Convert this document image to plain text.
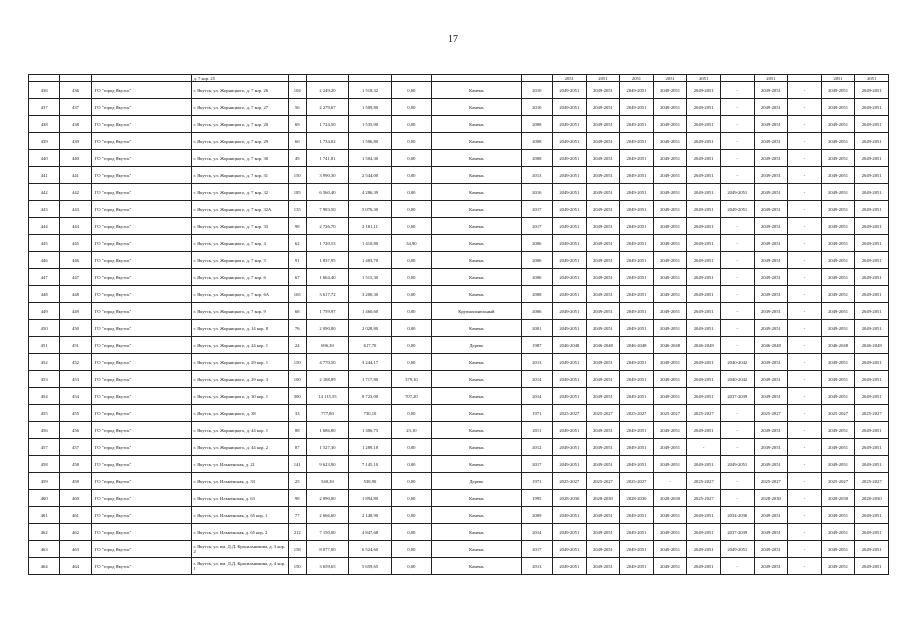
17
			д. 7 кор. 25							2051	2051	2051	2051	2051		2051		2051	2051
436	436	ГО "город Якутск"	г. Якутск, ул. Жорницкого, д. 7 кор. 26	104	2 249,20	1 518,32	0,00	Камень	2010	2049-2051	2049-2051	2049-2051	2049-2051	2049-2051	-	2049-2051	-	2049-2051	2049-2051
437	437	ГО "город Якутск"	г. Якутск, ул. Жорницкого, д. 7 кор. 27	56	2 279,67	1 509,80	0,00	Камень	2010	2049-2051	2049-2051	2049-2051	2049-2051	2049-2051	-	2049-2051	-	2049-2051	2049-2051
438	438	ГО "город Якутск"	г. Якутск, ул. Жорницкого, д. 7 кор. 28	69	1 724,50	1 535,90	0,00	Камень	2008	2049-2051	2049-2051	2049-2051	2049-2051	2049-2051	-	2049-2051	-	2049-2051	2049-2051
439	439	ГО "город Якутск"	г. Якутск, ул. Жорницкого, д. 7 кор. 29	60	1 734,02	1 506,80	0,00	Камень	2008	2049-2051	2049-2051	2049-2051	2049-2051	2049-2051	-	2049-2051	-	2049-2051	2049-2051
440	440	ГО "город Якутск"	г. Якутск, ул. Жорницкого, д. 7 кор. 30	49	1 741,81	1 504,30	0,00	Камень	2008	2049-2051	2049-2051	2049-2051	2049-2051	2049-2051	-	2049-2051	-	2049-2051	2049-2051
441	441	ГО "город Якутск"	г. Якутск, ул. Жорницкого, д. 7 кор. 31	150	3 990,30	2 544,00	0,00	Камень	2013	2049-2051	2049-2051	2049-2051	2049-2051	2049-2051	-	2049-2051	-	2049-2051	2049-2051
442	442	ГО "город Якутск"	г. Якутск, ул. Жорницкого, д. 7 кор. 32	185	6 560,40	4 286,39	0,00	Камень	2016	2049-2051	2049-2051	2049-2051	2049-2051	2049-2051	2049-2051	2049-2051	-	2049-2051	2049-2051
443	443	ГО "город Якутск"	г. Якутск, ул. Жорницкого, д. 7 кор. 32А	135	7 983,50	5 076,30	0,00	Камень	2017	2049-2051	2049-2051	2049-2051	2049-2051	2049-2051	2049-2051	2049-2051	-	2049-2051	2049-2051
444	444	ГО "город Якутск"	г. Якутск, ул. Жорницкого, д. 7 кор. 33	98	2 726,70	2 181,11	0,00	Камень	2017	2049-2051	2049-2051	2049-2051	2049-2051	2049-2051	-	2049-2051	-	2049-2051	2049-2051
445	445	ГО "город Якутск"	г. Якутск, ул. Жорницкого, д. 7 кор. 4	62	1 720,53	1 410,80	34,90	Камень	2006	2049-2051	2049-2051	2049-2051	2049-2051	2049-2051	-	2049-2051	-	2049-2051	2049-2051
446	446	ГО "город Якутск"	г. Якутск, ул. Жорницкого, д. 7 кор. 5	91	1 837,95	1 483,70	0,00	Камень	2006	2049-2051	2049-2051	2049-2051	2049-2051	2049-2051	-	2049-2051	-	2049-2051	2049-2051
447	447	ГО "город Якутск"	г. Якутск, ул. Жорницкого, д. 7 кор. 6	67	1 664,40	1 515,30	0,00	Камень	2006	2049-2051	2049-2051	2049-2051	2049-2051	2049-2051	-	2049-2051	-	2049-2051	2049-2051
448	448	ГО "город Якутск"	г. Якутск, ул. Жорницкого, д. 7 кор. 6А	165	3 617,72	3 200,30	0,00	Камень	2008	2049-2051	2049-2051	2049-2051	2049-2051	2049-2051	-	2049-2051	-	2049-2051	2049-2051
449	449	ГО "город Якутск"	г. Якутск, ул. Жорницкого, д. 7 кор. 9	68	1 759,97	1 460,60	0,00	Крупнопанельный	2006	2049-2051	2049-2051	2049-2051	2049-2051	2049-2051	-	2049-2051	-	2049-2051	2049-2051
450	450	ГО "город Якутск"	г. Якутск, ул. Жорницкого, д. 14 кор. 8	76	2 090,80	2 028,80	0,00	Камень	2001	2049-2051	2049-2051	2049-2051	2049-2051	2049-2051	-	2049-2051	-	2049-2051	2049-2051
451	451	ГО "город Якутск"	г. Якутск, ул. Жорницкого, д. 24 кор. 1	24	696,30	617,70	0,00	Дерево	1987	2046-2048	2046-2048	2046-2048	2046-2048	2046-2048	-	2046-2048	-	2046-2048	2046-2048
452	452	ГО "город Якутск"	г. Якутск, ул. Жорницкого, д. 29 кор. 1	150	4 770,50	3 244,17	0,00	Камень	2013	2049-2051	2049-2051	2049-2051	2049-2051	2049-2051	2040-2042	2049-2051	-	2049-2051	2049-2051
453	453	ГО "город Якутск"	г. Якутск, ул. Жорницкого, д. 29 кор. 3	100	2 188,89	1 717,80	379,10	Камень	2014	2049-2051	2049-2051	2049-2051	2049-2051	2049-2051	2040-2042	2049-2051	-	2049-2051	2049-2051
454	454	ГО "город Якутск"	г. Якутск, ул. Жорницкого, д. 30 кор. 1	300	14 115,55	9 723,00	707,20	Камень	2014	2049-2051	2049-2051	2049-2051	2049-2051	2049-2051	2037-2039	2049-2051	-	2049-2051	2049-2051
455	455	ГО "город Якутск"	г. Якутск, ул. Жорницкого, д. 38	33	777,80	730,10	0,00	Камень	1971	2025-2027	2025-2027	2025-2027	2025-2027	2025-2027	-	2025-2027	-	2025-2027	2025-2027
456	456	ГО "город Якутск"	г. Якутск, ул. Жорницкого, д. 44 кор. 1	88	1 686,80	1 306,73	23,10	Камень	2011	2049-2051	2049-2051	2049-2051	2049-2051	2049-2051	-	2049-2051	-	2049-2051	2049-2051
457	457	ГО "город Якутск"	г. Якутск, ул. Жорницкого, д. 44 кор. 2	87	1 527,30	1 289,18	0,00	Камень	2012	2049-2051	2049-2051	2049-2051	2049-2051	-	-	2049-2051	-	2049-2051	2049-2051
458	458	ГО "город Якутск"	г. Якутск, ул. Ильменская, д. 21	141	9 623,90	7 145,10	0,00	Камень	2017	2049-2051	2049-2051	2049-2051	2049-2051	2049-2051	2049-2051	2049-2051	-	2049-2051	2049-2051
459	459	ГО "город Якутск"	г. Якутск, ул. Ильменская, д. 33	25	540,30	538,90	0,00	Дерево	1971	2025-2027	2025-2027	2025-2027	-	2025-2027	-	2025-2027	-	2025-2027	2025-2027
460	460	ГО "город Якутск"	г. Якутск, ул. Ильменская, д. 63	98	2 090,00	1 894,80	0,00	Камень	1995	2028-2030	2028-2030	2028-2030	2028-2030	2025-2027	-	2028-2030	-	2028-2030	2028-2030
461	461	ГО "город Якутск"	г. Якутск, ул. Ильменская, д. 65 кор. 1	77	2 666,60	2 148,90	0,00	Камень	2009	2049-2051	2049-2051	2049-2051	2049-2051	2049-2051	2034-2036	2049-2051	-	2049-2051	2049-2051
462	462	ГО "город Якутск"	г. Якутск, ул. Ильменская, д. 65 кор. 2	212	7 150,00	4 847,68	0,00	Камень	2014	2049-2051	2049-2051	2049-2051	2049-2051	2049-2051	2037-2039	2049-2051	-	2049-2051	2049-2051
463	463	ГО "город Якутск"	г. Якутск, ул. им. Д.Д. Красильникова, д. 3 кор. 2	158	8 077,00	6 524,60	0,00	Камень	2017	2049-2051	2049-2051	2049-2051	2049-2051	2049-2051	2049-2051	2049-2051	-	2049-2051	2049-2051
464	464	ГО "город Якутск"	г. Якутск, ул. им. Д.Д. Красильникова, д. 4 кор. 1	150	3 659,65	5 659,65	0,00	Камень	2013	2049-2051	2049-2051	2049-2051	2049-2051	2049-2051	-	2049-2051	-	2049-2051	2049-2051
